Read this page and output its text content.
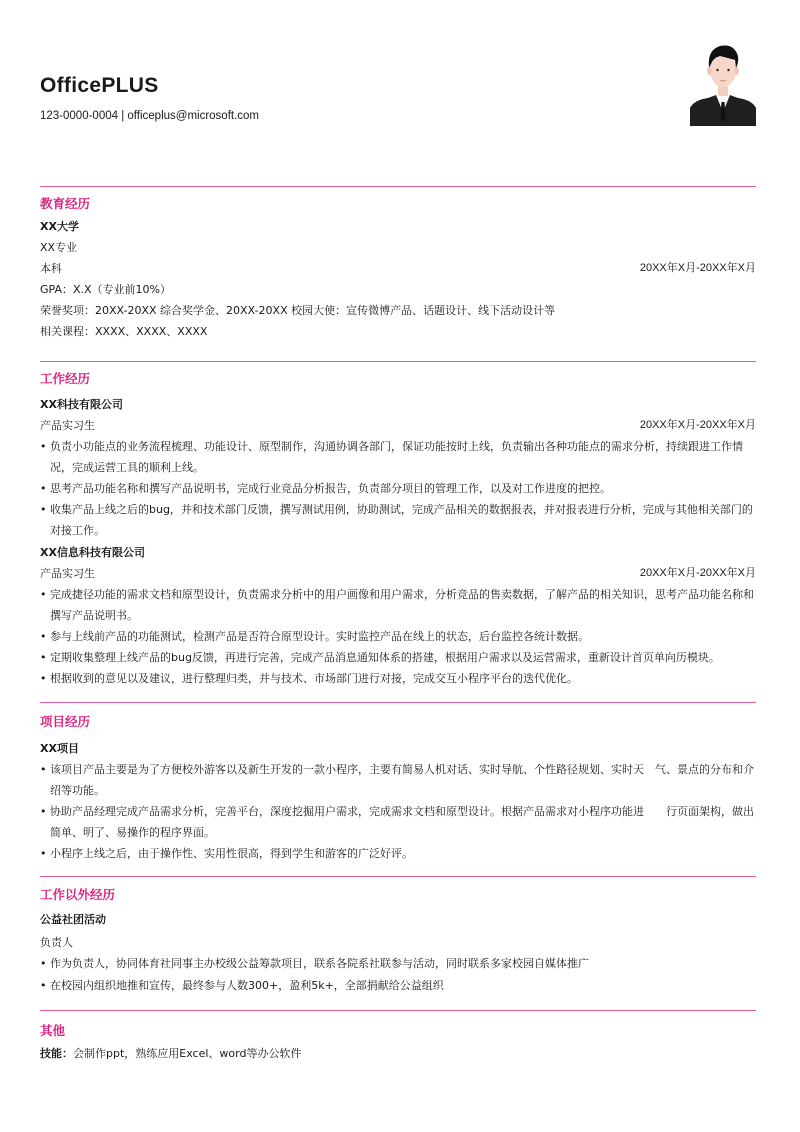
OfficePLUS
123-0000-0004 | officeplus@microsoft.com
教育经历
XX大学
XX专业
本科	20XX年X月-20XX年X月
GPA：X.X（专业前10%）
荣誉奖项：20XX-20XX 综合奖学金、20XX-20XX 校园大使：宣传微博产品、话题设计、线下活动设计等
相关课程：XXXX、XXXX、XXXX
工作经历
XX科技有限公司
产品实习生	20XX年X月-20XX年X月
• 负责小功能点的业务流程梳理、功能设计、原型制作，沟通协调各部门，保证功能按时上线，负责输出各种功能点的需求分析，持续跟进工作情况，完成运营工具的顺利上线。
• 思考产品功能名称和撰写产品说明书，完成行业竞品分析报告，负责部分项目的管理工作，以及对工作进度的把控。
• 收集产品上线之后的bug，并和技术部门反馈，撰写测试用例，协助测试，完成产品相关的数据报表，并对报表进行分析，完成与其他相关部门的对接工作。
XX信息科技有限公司
产品实习生	20XX年X月-20XX年X月
• 完成捷径功能的需求文档和原型设计，负责需求分析中的用户画像和用户需求，分析竞品的售卖数据，了解产品的相关知识，思考产品功能名称和撰写产品说明书。
• 参与上线前产品的功能测试，检测产品是否符合原型设计。实时监控产品在线上的状态，后台监控各统计数据。
• 定期收集整理上线产品的bug反馈，再进行完善，完成产品消息通知体系的搭建，根据用户需求以及运营需求，重新设计首页单向历模块。
• 根据收到的意见以及建议，进行整理归类，并与技术、市场部门进行对接，完成交互小程序平台的迭代优化。
项目经历
XX项目
• 该项目产品主要是为了方便校外游客以及新生开发的一款小程序，主要有简易人机对话、实时导航、个性路径规划、实时天　气、景点的分布和介绍等功能。
• 协助产品经理完成产品需求分析，完善平台，深度挖掘用户需求，完成需求文档和原型设计。根据产品需求对小程序功能进　　行页面架构，做出简单、明了、易操作的程序界面。
• 小程序上线之后，由于操作性、实用性很高，得到学生和游客的广泛好评。
工作以外经历
公益社团活动
负责人
• 作为负责人，协同体育社同事主办校级公益筹款项目，联系各院系社联参与活动，同时联系多家校园自媒体推广
• 在校园内组织地推和宣传，最终参与人数300+，盈利5k+，全部捐献给公益组织
其他
技能：会制作ppt，熟练应用Excel、word等办公软件
